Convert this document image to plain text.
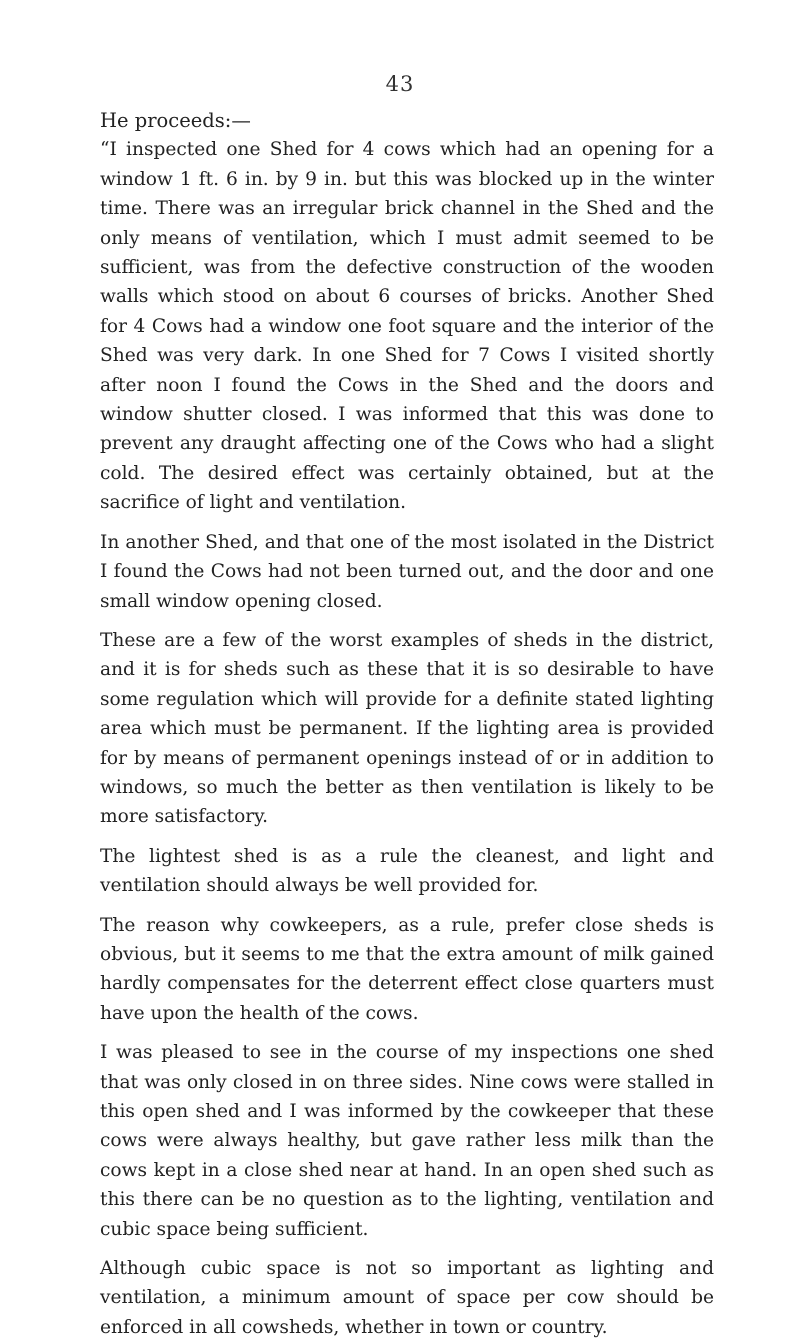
43

He proceeds:—

“I inspected one Shed for 4 cows which had an opening for a window 1 ft. 6 in. by 9 in. but this was blocked up in the winter time. There was an irregular brick channel in the Shed and the only means of ventilation, which I must admit seemed to be sufficient, was from the defective construction of the wooden walls which stood on about 6 courses of bricks. Another Shed for 4 Cows had a window one foot square and the interior of the Shed was very dark. In one Shed for 7 Cows I visited shortly after noon I found the Cows in the Shed and the doors and window shutter closed. I was informed that this was done to prevent any draught affecting one of the Cows who had a slight cold. The desired effect was certainly obtained, but at the sacrifice of light and ventilation.

In another Shed, and that one of the most isolated in the District I found the Cows had not been turned out, and the door and one small window opening closed.

These are a few of the worst examples of sheds in the district, and it is for sheds such as these that it is so desirable to have some regulation which will provide for a definite stated lighting area which must be permanent. If the lighting area is provided for by means of permanent openings instead of or in addition to windows, so much the better as then ventilation is likely to be more satisfactory.

The lightest shed is as a rule the cleanest, and light and ventilation should always be well provided for.

The reason why cowkeepers, as a rule, prefer close sheds is obvious, but it seems to me that the extra amount of milk gained hardly compensates for the deterrent effect close quarters must have upon the health of the cows.

I was pleased to see in the course of my inspections one shed that was only closed in on three sides. Nine cows were stalled in this open shed and I was informed by the cowkeeper that these cows were always healthy, but gave rather less milk than the cows kept in a close shed near at hand. In an open shed such as this there can be no question as to the lighting, ventilation and cubic space being sufficient.

Although cubic space is not so important as lighting and ventilation, a minimum amount of space per cow should be enforced in all cowsheds, whether in town or country.
